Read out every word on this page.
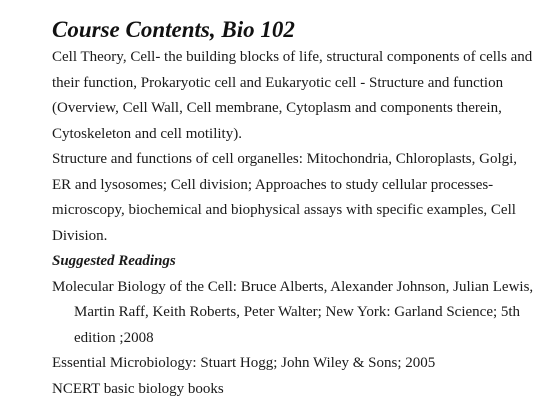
Course Contents, Bio 102
Cell Theory, Cell- the building blocks of life, structural components of cells and
their function, Prokaryotic cell and Eukaryotic cell - Structure and function
(Overview, Cell Wall, Cell membrane, Cytoplasm and components therein,
Cytoskeleton and cell motility).
Structure and functions of cell organelles: Mitochondria, Chloroplasts, Golgi,
ER and lysosomes; Cell division; Approaches to study cellular processes-
microscopy, biochemical and biophysical assays with specific examples, Cell
Division.

Suggested Readings

Molecular Biology of the Cell: Bruce Alberts, Alexander Johnson, Julian Lewis,
Martin Raff, Keith Roberts, Peter Walter; New York: Garland Science; 5th
edition ;2008
Essential Microbiology: Stuart Hogg; John Wiley & Sons; 2005
NCERT basic biology books
